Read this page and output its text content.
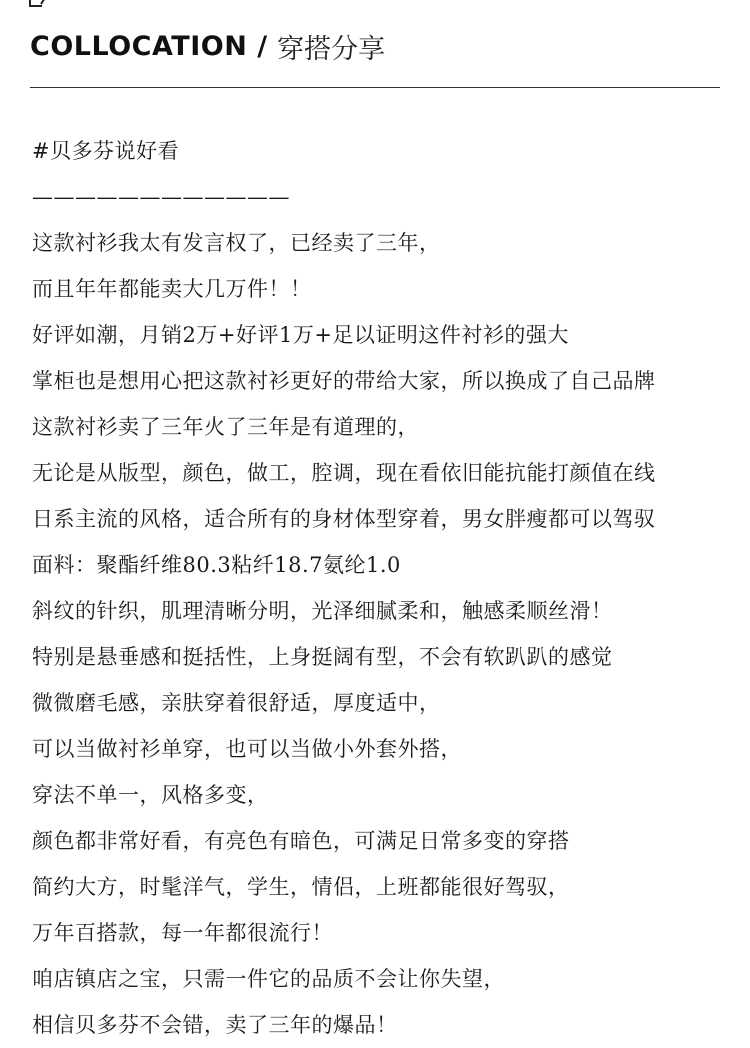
COLLOCATION / 穿搭分享
#贝多芬说好看
————————————
这款衬衫我太有发言权了，已经卖了三年，
而且年年都能卖大几万件！！
好评如潮，月销2万+好评1万+足以证明这件衬衫的强大
掌柜也是想用心把这款衬衫更好的带给大家，所以换成了自己品牌
这款衬衫卖了三年火了三年是有道理的，
无论是从版型，颜色，做工，腔调，现在看依旧能抗能打颜值在线
日系主流的风格，适合所有的身材体型穿着，男女胖瘦都可以驾驭
面料：聚酯纤维80.3粘纤18.7氨纶1.0
斜纹的针织，肌理清晰分明，光泽细腻柔和，触感柔顺丝滑！
特别是悬垂感和挺括性，上身挺阔有型，不会有软趴趴的感觉
微微磨毛感，亲肤穿着很舒适，厚度适中，
可以当做衬衫单穿，也可以当做小外套外搭，
穿法不单一，风格多变，
颜色都非常好看，有亮色有暗色，可满足日常多变的穿搭
简约大方，时髦洋气，学生，情侣，上班都能很好驾驭，
万年百搭款，每一年都很流行！
咱店镇店之宝，只需一件它的品质不会让你失望，
相信贝多芬不会错，卖了三年的爆品！
